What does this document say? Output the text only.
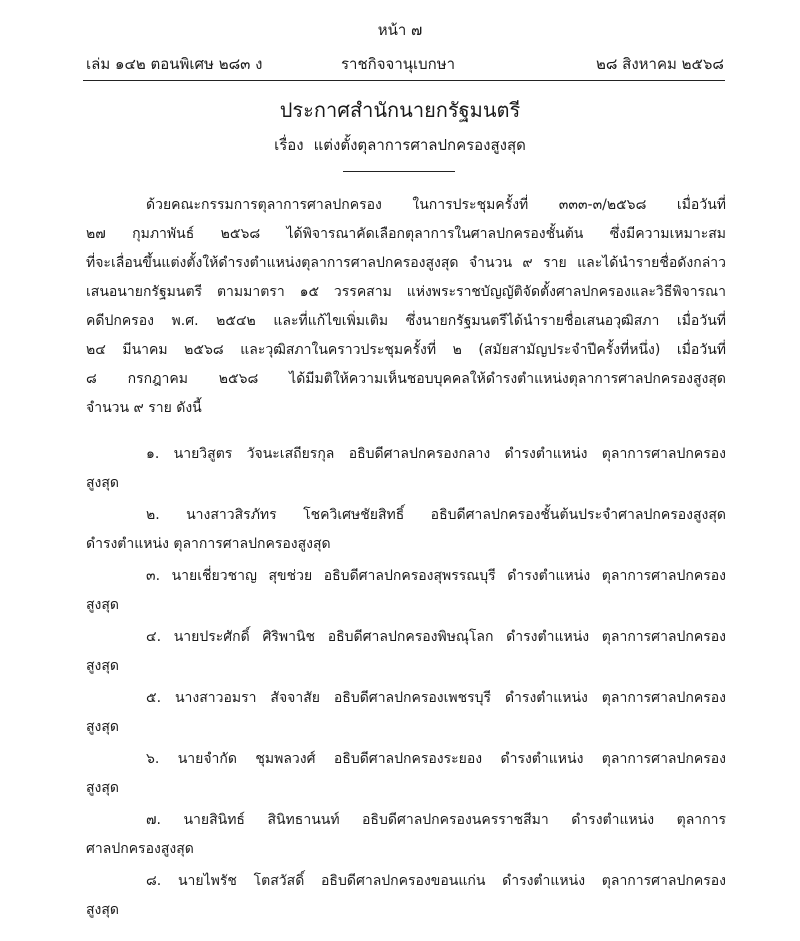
หน้า ๗
เล่ม ๑๔๒ ตอนพิเศษ ๒๘๓ ง	ราชกิจจานุเบกษา	๒๘ สิงหาคม ๒๕๖๘
ประกาศสำนักนายกรัฐมนตรี
เรื่อง แต่งตั้งตุลาการศาลปกครองสูงสุด
ด้วยคณะกรรมการตุลาการศาลปกครอง ในการประชุมครั้งที่ ๓๓๓-๓/๒๕๖๘ เมื่อวันที่
๒๗ กุมภาพันธ์ ๒๕๖๘ ได้พิจารณาคัดเลือกตุลาการในศาลปกครองชั้นต้น ซึ่งมีความเหมาะสม
ที่จะเลื่อนขึ้นแต่งตั้งให้ดำรงตำแหน่งตุลาการศาลปกครองสูงสุด จำนวน ๙ ราย และได้นำรายชื่อดังกล่าว
เสนอนายกรัฐมนตรี ตามมาตรา ๑๕ วรรคสาม แห่งพระราชบัญญัติจัดตั้งศาลปกครองและวิธีพิจารณา
คดีปกครอง พ.ศ. ๒๕๔๒ และที่แก้ไขเพิ่มเติม ซึ่งนายกรัฐมนตรีได้นำรายชื่อเสนอวุฒิสภา เมื่อวันที่
๒๔ มีนาคม ๒๕๖๘ และวุฒิสภาในคราวประชุมครั้งที่ ๒ (สมัยสามัญประจำปีครั้งที่หนึ่ง) เมื่อวันที่
๘ กรกฎาคม ๒๕๖๘ ได้มีมติให้ความเห็นชอบบุคคลให้ดำรงตำแหน่งตุลาการศาลปกครองสูงสุด
จำนวน ๙ ราย ดังนี้
๑. นายวิสูตร วัจนะเสถียรกุล อธิบดีศาลปกครองกลาง ดำรงตำแหน่ง ตุลาการศาลปกครอง
สูงสุด
๒. นางสาวสิรภัทร โชควิเศษชัยสิทธิ์ อธิบดีศาลปกครองชั้นต้นประจำศาลปกครองสูงสุด
ดำรงตำแหน่ง ตุลาการศาลปกครองสูงสุด
๓. นายเชี่ยวชาญ สุขช่วย อธิบดีศาลปกครองสุพรรณบุรี ดำรงตำแหน่ง ตุลาการศาลปกครอง
สูงสุด
๔. นายประศักดิ์ ศิริพานิช อธิบดีศาลปกครองพิษณุโลก ดำรงตำแหน่ง ตุลาการศาลปกครอง
สูงสุด
๕. นางสาวอมรา สัจจาสัย อธิบดีศาลปกครองเพชรบุรี ดำรงตำแหน่ง ตุลาการศาลปกครอง
สูงสุด
๖. นายจำกัด ชุมพลวงศ์ อธิบดีศาลปกครองระยอง ดำรงตำแหน่ง ตุลาการศาลปกครอง
สูงสุด
๗. นายสินิทธ์ สินิทธานนท์ อธิบดีศาลปกครองนครราชสีมา ดำรงตำแหน่ง ตุลาการ
ศาลปกครองสูงสุด
๘. นายไพรัช โตสวัสดิ์ อธิบดีศาลปกครองขอนแก่น ดำรงตำแหน่ง ตุลาการศาลปกครอง
สูงสุด
